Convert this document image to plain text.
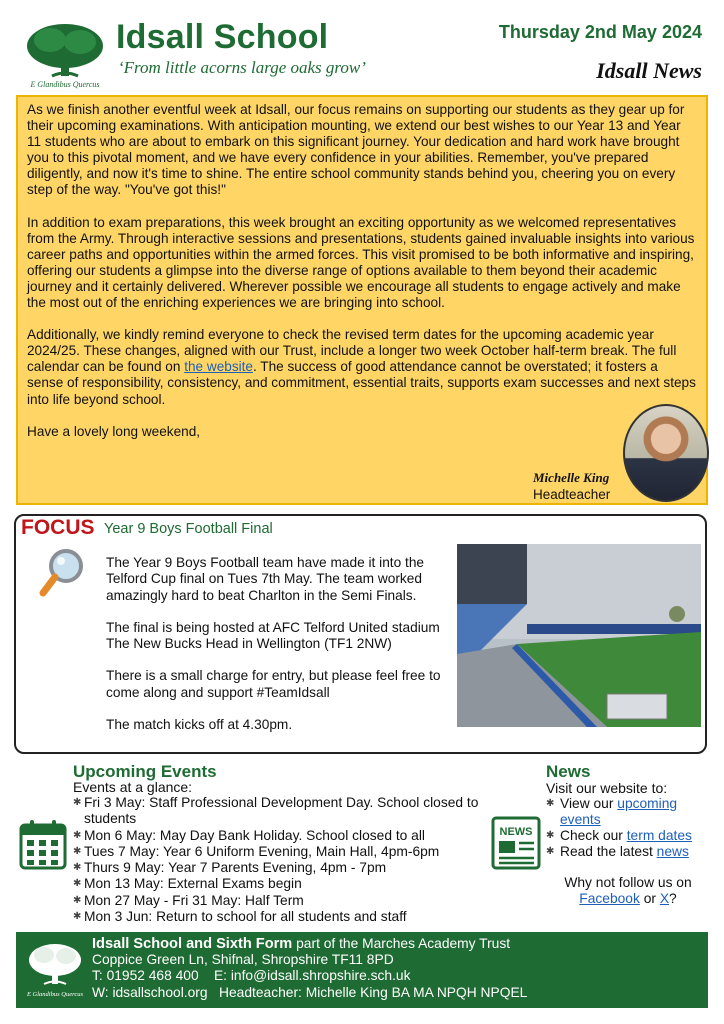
E Glandibus Quercus
Idsall School
‘From little acorns large oaks grow’
Thursday 2nd May 2024
Idsall News

As we finish another eventful week at Idsall, our focus remains on supporting our students as they gear up for their upcoming examinations. With anticipation mounting, we extend our best wishes to our Year 13 and Year 11 students who are about to embark on this significant journey. Your dedication and hard work have brought you to this pivotal moment, and we have every confidence in your abilities. Remember, you've prepared diligently, and now it's time to shine. The entire school community stands behind you, cheering you on every step of the way. "You've got this!"

In addition to exam preparations, this week brought an exciting opportunity as we welcomed representatives from the Army. Through interactive sessions and presentations, students gained invaluable insights into various career paths and opportunities within the armed forces. This visit promised to be both informative and inspiring, offering our students a glimpse into the diverse range of options available to them beyond their academic journey and it certainly delivered. Wherever possible we encourage all students to engage actively and make the most out of the enriching experiences we are bringing into school.

Additionally, we kindly remind everyone to check the revised term dates for the upcoming academic year 2024/25. These changes, aligned with our Trust, include a longer two week October half-term break. The full calendar can be found on the website. The success of good attendance cannot be overstated; it fosters a sense of responsibility, consistency, and commitment, essential traits, supports exam successes and next steps into life beyond school.

Have a lovely long weekend,

Michelle King
Headteacher
FOCUS Year 9 Boys Football Final

The Year 9 Boys Football team have made it into the Telford Cup final on Tues 7th May. The team worked amazingly hard to beat Charlton in the Semi Finals.

The final is being hosted at AFC Telford United stadium The New Bucks Head in Wellington (TF1 2NW)

There is a small charge for entry, but please feel free to come along and support #TeamIdsall

The match kicks off at 4.30pm.

Upcoming Events
Events at a glance:
✱ Fri 3 May: Staff Professional Development Day. School closed to students
✱ Mon 6 May: May Day Bank Holiday. School closed to all
✱ Tues 7 May: Year 6 Uniform Evening, Main Hall, 4pm-6pm
✱ Thurs 9 May: Year 7 Parents Evening, 4pm - 7pm
✱ Mon 13 May: External Exams begin
✱ Mon 27 May - Fri 31 May: Half Term
✱ Mon 3 Jun: Return to school for all students and staff
News
Visit our website to:
✱ View our upcoming events
✱ Check our term dates
✱ Read the latest news
NEWS
Why not follow us on
Facebook or X?
E Glandibus Quercus
Idsall School and Sixth Form part of the Marches Academy Trust
Coppice Green Ln, Shifnal, Shropshire TF11 8PD
T: 01952 468 400 E: info@idsall.shropshire.sch.uk
W: idsallschool.org Headteacher: Michelle King BA MA NPQH NPQEL
